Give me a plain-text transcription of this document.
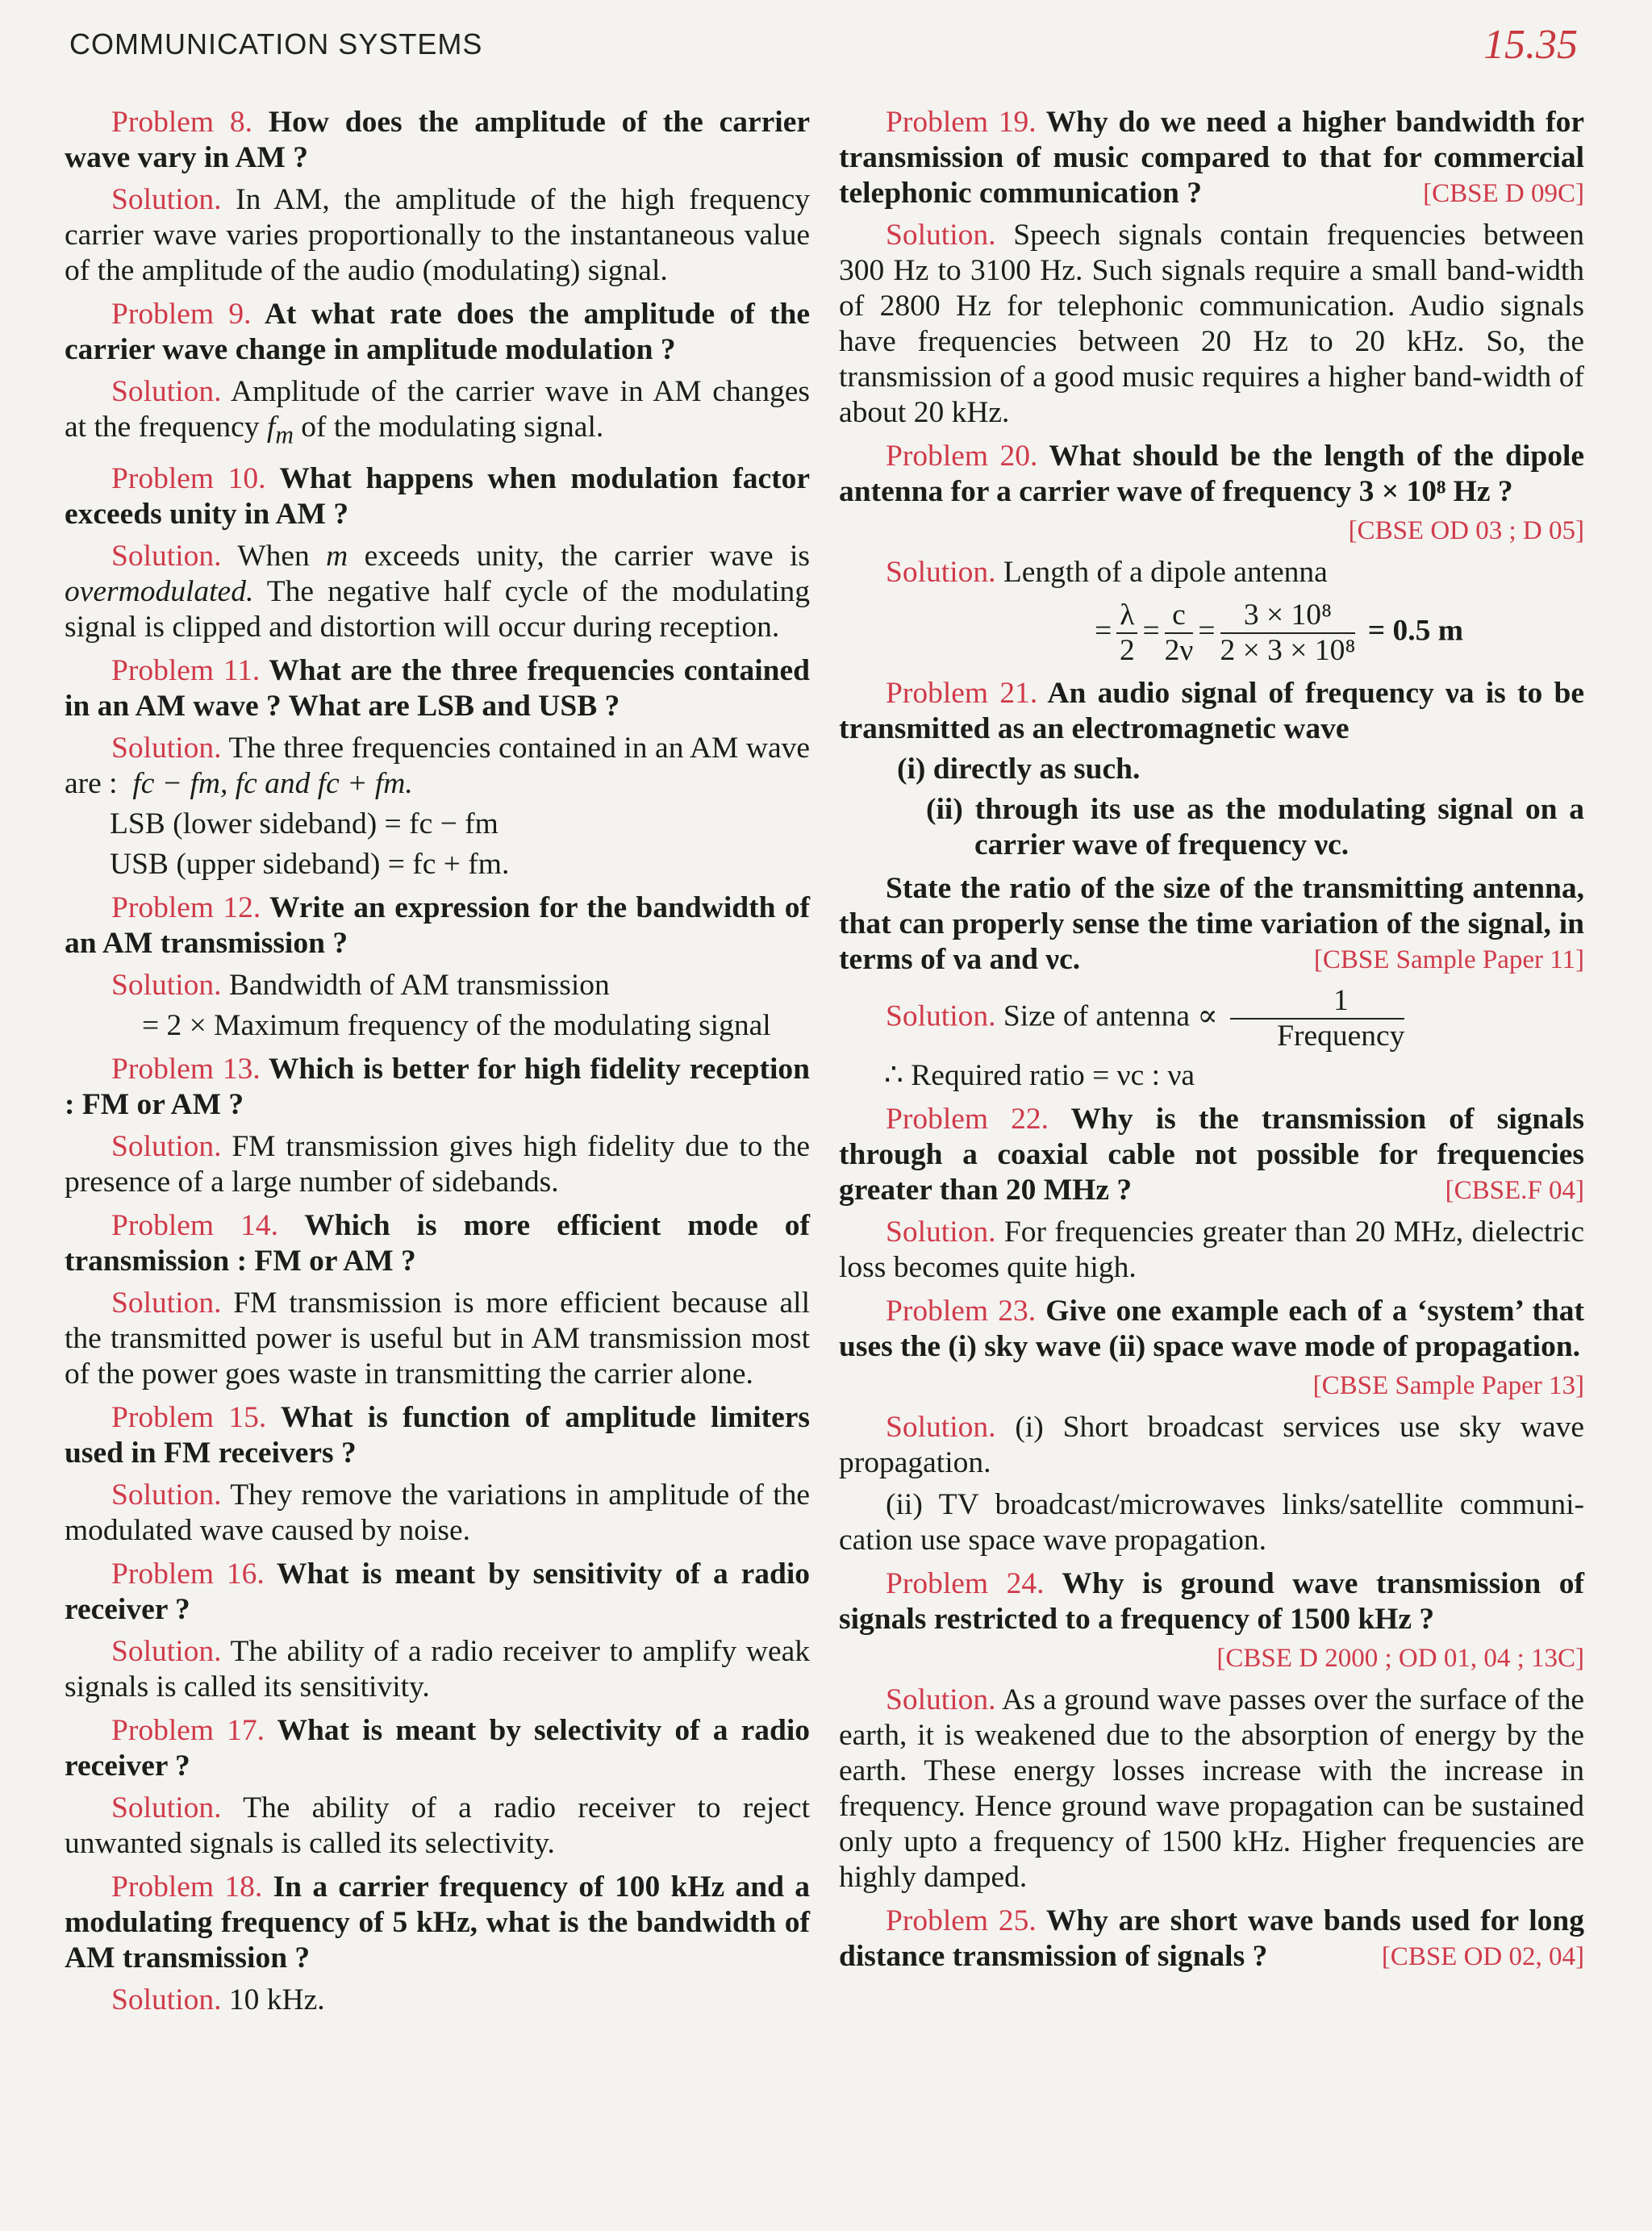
COMMUNICATION SYSTEMS	15.35

Problem 8. How does the amplitude of the carrier wave vary in AM ?

Solution. In AM, the amplitude of the high frequency carrier wave varies proportionally to the instantaneous value of the amplitude of the audio (modulating) signal.

Problem 9. At what rate does the amplitude of the carrier wave change in amplitude modulation ?

Solution. Amplitude of the carrier wave in AM changes at the frequency $f_m$ of the modulating signal.

Problem 10. What happens when modulation factor exceeds unity in AM ?

Solution. When m exceeds unity, the carrier wave is overmodulated. The negative half cycle of the modulating signal is clipped and distortion will occur during reception.

Problem 11. What are the three frequencies contained in an AM wave ? What are LSB and USB ?

Solution. The three frequencies contained in an AM wave are : fc − fm, fc and fc + fm.

LSB (lower sideband) = fc − fm

USB (upper sideband) = fc + fm.

Problem 12. Write an expression for the bandwidth of an AM transmission ?

Solution. Bandwidth of AM transmission

= 2 × Maximum frequency of the modulating signal

Problem 13. Which is better for high fidelity reception : FM or AM ?

Solution. FM transmission gives high fidelity due to the presence of a large number of sidebands.

Problem 14. Which is more efficient mode of transmission : FM or AM ?

Solution. FM transmission is more efficient because all the transmitted power is useful but in AM transmission most of the power goes waste in transmitting the carrier alone.

Problem 15. What is function of amplitude limiters used in FM receivers ?

Solution. They remove the variations in amplitude of the modulated wave caused by noise.

Problem 16. What is meant by sensitivity of a radio receiver ?

Solution. The ability of a radio receiver to amplify weak signals is called its sensitivity.

Problem 17. What is meant by selectivity of a radio receiver ?

Solution. The ability of a radio receiver to reject unwanted signals is called its selectivity.

Problem 18. In a carrier frequency of 100 kHz and a modulating frequency of 5 kHz, what is the bandwidth of AM transmission ?

Solution. 10 kHz.

Problem 19. Why do we need a higher bandwidth for transmission of music compared to that for commercial telephonic communication ?	[CBSE D 09C]

Solution. Speech signals contain frequencies between 300 Hz to 3100 Hz. Such signals require a small band-width of 2800 Hz for telephonic communication. Audio signals have frequencies between 20 Hz to 20 kHz. So, the transmission of a good music requires a higher band-width of about 20 kHz.

Problem 20. What should be the length of the dipole antenna for a carrier wave of frequency 3 × 10⁸ Hz ?

[CBSE OD 03 ; D 05]

Solution. Length of a dipole antenna

= $\frac{\lambda}{2} = \frac{c}{2\nu} = \frac{\text{3 × 10⁸}}{\text{2 × 3 × 10⁸}} = 0.5$ m

Problem 21. An audio signal of frequency νa is to be transmitted as an electromagnetic wave

(i) directly as such.

(ii) through its use as the modulating signal on a carrier wave of frequency νc.

State the ratio of the size of the transmitting antenna, that can properly sense the time variation of the signal, in terms of νa and νc.	[CBSE Sample Paper 11]

Solution. Size of antenna ∝ $\frac{1}{\text{Frequency}}$

∴ Required ratio = νc : νa

Problem 22. Why is the transmission of signals through a coaxial cable not possible for frequencies greater than 20 MHz ?	[CBSE.F 04]

Solution. For frequencies greater than 20 MHz, dielectric loss becomes quite high.

Problem 23. Give one example each of a ‘system’ that uses the (i) sky wave (ii) space wave mode of propagation.

[CBSE Sample Paper 13]

Solution. (i) Short broadcast services use sky wave propagation.

(ii) TV broadcast/microwaves links/satellite communi-cation use space wave propagation.

Problem 24. Why is ground wave transmission of signals restricted to a frequency of 1500 kHz ?

[CBSE D 2000 ; OD 01, 04 ; 13C]

Solution. As a ground wave passes over the surface of the earth, it is weakened due to the absorption of energy by the earth. These energy losses increase with the increase in frequency. Hence ground wave propagation can be sustained only upto a frequency of 1500 kHz. Higher frequencies are highly damped.

Problem 25. Why are short wave bands used for long distance transmission of signals ?	[CBSE OD 02, 04]
